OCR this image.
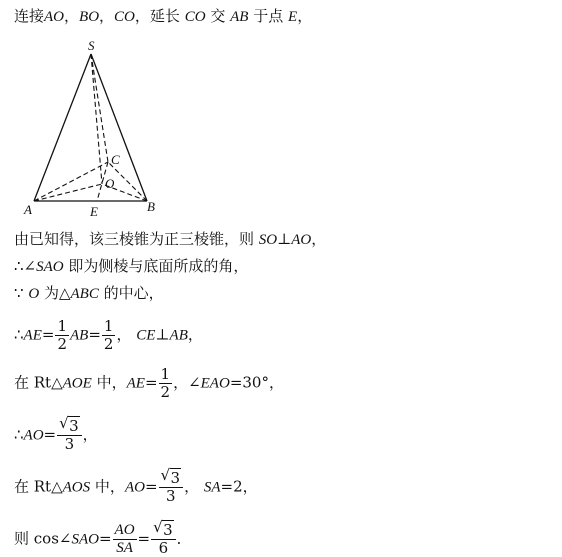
连接AO，BO，CO，延长 CO 交 AB 于点 E，
S
A	B
C
O
E
由已知得，该三棱锥为正三棱锥，则 SO⊥AO，
∴∠SAO 即为侧棱与底面所成的角，
∵ O 为△ABC 的中心，
∴AE= $\frac{1}{2} AB= \frac{1}{2}$ ， CE⊥AB，
在 Rt△AOE 中，$AE= \frac{1}{2}$ ，∠EAO=30°，
∴AO= $\frac{√ 3}{3}$ ，
在 Rt△AOS 中，$AO= \frac{√ 3}{3}$ ， SA=2，
则 cos∠SAO= $\frac{AO}{SA} = \frac{√ 3}{6}$ ．
